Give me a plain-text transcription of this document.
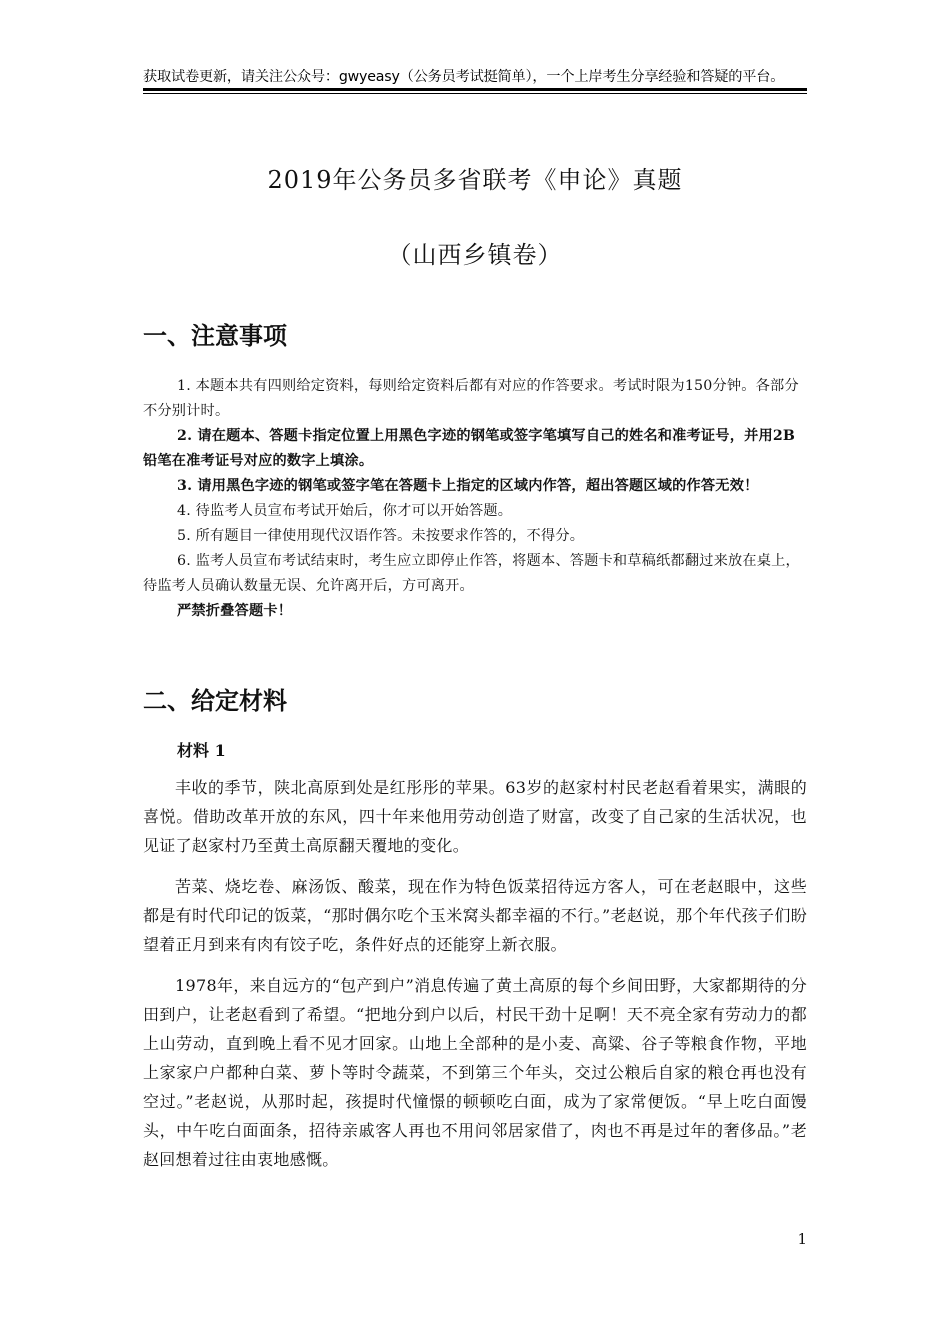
获取试卷更新，请关注公众号：gwyeasy（公务员考试挺简单），一个上岸考生分享经验和答疑的平台。
2019年公务员多省联考《申论》真题
（山西乡镇卷）
一、注意事项

1. 本题本共有四则给定资料，每则给定资料后都有对应的作答要求。考试时限为150分钟。各部分不分别计时。

2. 请在题本、答题卡指定位置上用黑色字迹的钢笔或签字笔填写自己的姓名和准考证号，并用2B铅笔在准考证号对应的数字上填涂。

3. 请用黑色字迹的钢笔或签字笔在答题卡上指定的区域内作答，超出答题区域的作答无效！

4. 待监考人员宣布考试开始后，你才可以开始答题。

5. 所有题目一律使用现代汉语作答。未按要求作答的，不得分。

6. 监考人员宣布考试结束时，考生应立即停止作答，将题本、答题卡和草稿纸都翻过来放在桌上，待监考人员确认数量无误、允许离开后，方可离开。

严禁折叠答题卡！

二、给定材料
材料 1

丰收的季节，陕北高原到处是红彤彤的苹果。63岁的赵家村村民老赵看着果实，满眼的喜悦。借助改革开放的东风，四十年来他用劳动创造了财富，改变了自己家的生活状况，也见证了赵家村乃至黄土高原翻天覆地的变化。

苦菜、烧圪卷、麻汤饭、酸菜，现在作为特色饭菜招待远方客人，可在老赵眼中，这些都是有时代印记的饭菜，“那时偶尔吃个玉米窝头都幸福的不行。”老赵说，那个年代孩子们盼望着正月到来有肉有饺子吃，条件好点的还能穿上新衣服。

1978年，来自远方的“包产到户”消息传遍了黄土高原的每个乡间田野，大家都期待的分田到户，让老赵看到了希望。“把地分到户以后，村民干劲十足啊！天不亮全家有劳动力的都上山劳动，直到晚上看不见才回家。山地上全部种的是小麦、高粱、谷子等粮食作物，平地上家家户户都种白菜、萝卜等时令蔬菜，不到第三个年头，交过公粮后自家的粮仓再也没有空过。”老赵说，从那时起，孩提时代憧憬的顿顿吃白面，成为了家常便饭。“早上吃白面馒头，中午吃白面面条，招待亲戚客人再也不用问邻居家借了，肉也不再是过年的奢侈品。”老赵回想着过往由衷地感慨。

1
